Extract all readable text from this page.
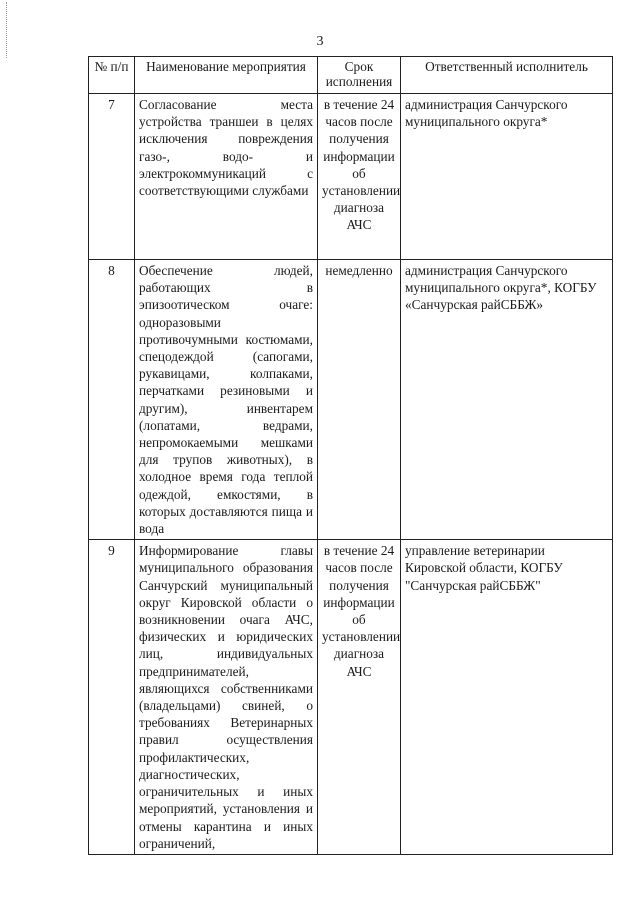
3
№ п/п	Наименование мероприятия	Срок исполнения	Ответственный исполнитель
7	Согласование места устройства траншеи в целях исключения повреждения газо-, водо- и электрокоммуникаций с соответствующими службами	в течение 24 часов после получения информации об установлении диагноза АЧС	администрация Санчурского муниципального округа*
8	Обеспечение людей, работающих в эпизоотическом очаге: одноразовыми противочумными костюмами, спецодеждой (сапогами, рукавицами, колпаками, перчатками резиновыми и другим), инвентарем (лопатами, ведрами, непромокаемыми мешками для трупов животных), в холодное время года теплой одеждой, емкостями, в которых доставляются пища и вода	немедленно	администрация Санчурского муниципального округа*, КОГБУ «Санчурская райСББЖ»
9	Информирование главы муниципального образования Санчурский муниципальный округ Кировской области о возникновении очага АЧС, физических и юридических лиц, индивидуальных предпринимателей, являющихся собственниками (владельцами) свиней, о требованиях Ветеринарных правил осуществления профилактических, диагностических, ограничительных и иных мероприятий, установления и отмены карантина и иных ограничений,	в течение 24 часов после получения информации об установлении диагноза АЧС	управление ветеринарии Кировской области, КОГБУ "Санчурская райСББЖ"
